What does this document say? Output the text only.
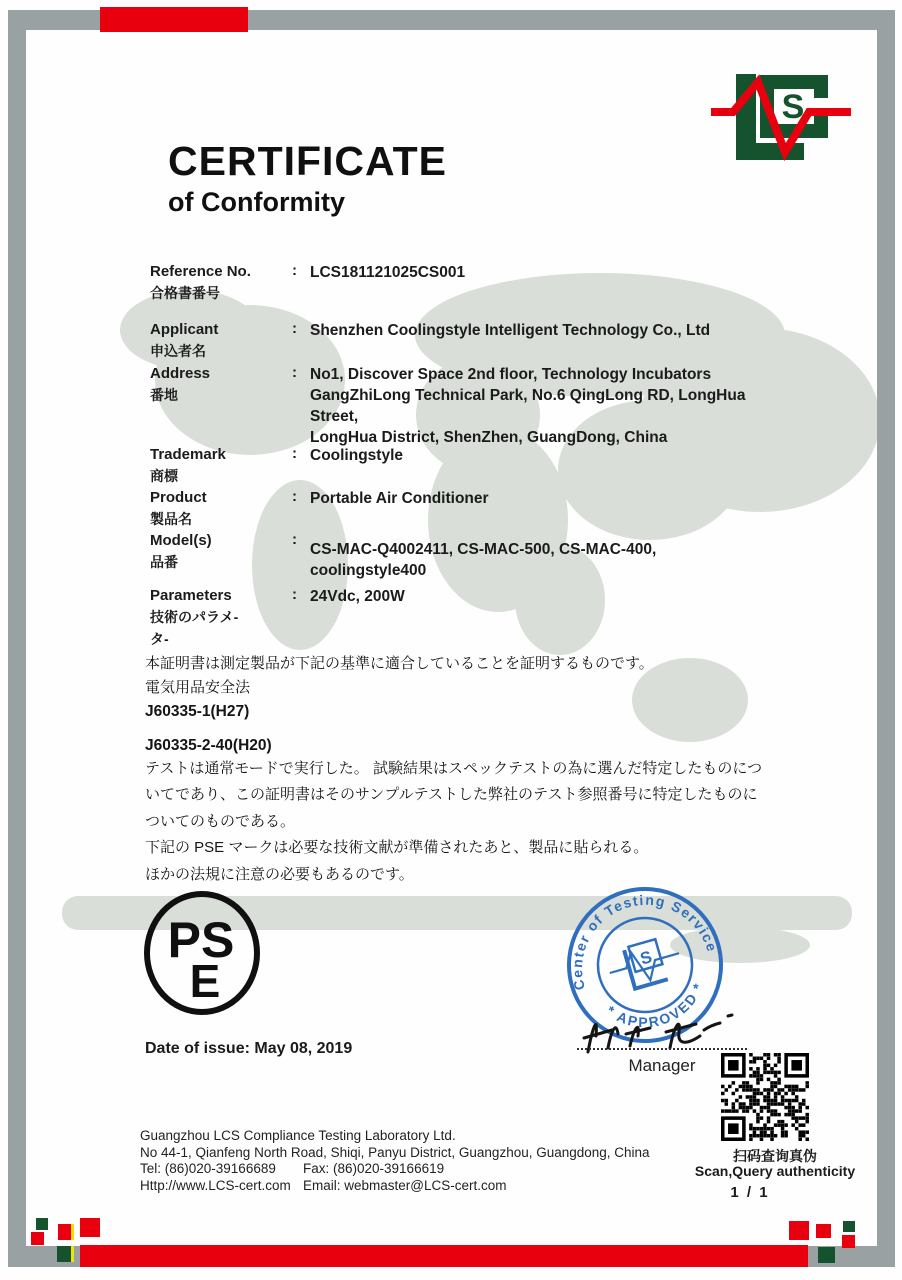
S
CERTIFICATE
of Conformity
Reference No.
合格書番号
: LCS181121025CS001
Applicant
申込者名
: Shenzhen Coolingstyle Intelligent Technology Co., Ltd
Address
番地
: No1, Discover Space 2nd floor, Technology Incubators
GangZhiLong Technical Park, No.6 QingLong RD, LongHua Street,
LongHua District, ShenZhen, GuangDong, China
Trademark
商標
: Coolingstyle
Product
製品名
: Portable Air Conditioner
Model(s)
品番
:
CS-MAC-Q4002411, CS-MAC-500, CS-MAC-400, coolingstyle400
Parameters
技術のパラメ-
タ-
: 24Vdc, 200W
本証明書は測定製品が下記の基準に適合していることを証明するものです。
電気用品安全法
J60335-1(H27)
J60335-2-40(H20)
テストは通常モードで実行した。 試験結果はスペックテストの為に選んだ特定したものにつ
いてであり、この証明書はそのサンプルテストした弊社のテスト参照番号に特定したものに
ついてのものである。
下記の PSE マークは必要な技術文献が準備されたあと、製品に貼られる。
ほかの法規に注意の必要もあるのです。
PS
E	Center of Testing Service
* APPROVED *
S
Manager
Date of issue: May 08, 2019
Guangzhou LCS Compliance Testing Laboratory Ltd.
No 44-1, Qianfeng North Road, Shiqi, Panyu District, Guangzhou, Guangdong, China
Tel: (86)020-39166689	Fax: (86)020-39166619
Http://www.LCS-cert.com Email: webmaster@LCS-cert.com
扫码查询真伪
Scan,Query authenticity
1 / 1
